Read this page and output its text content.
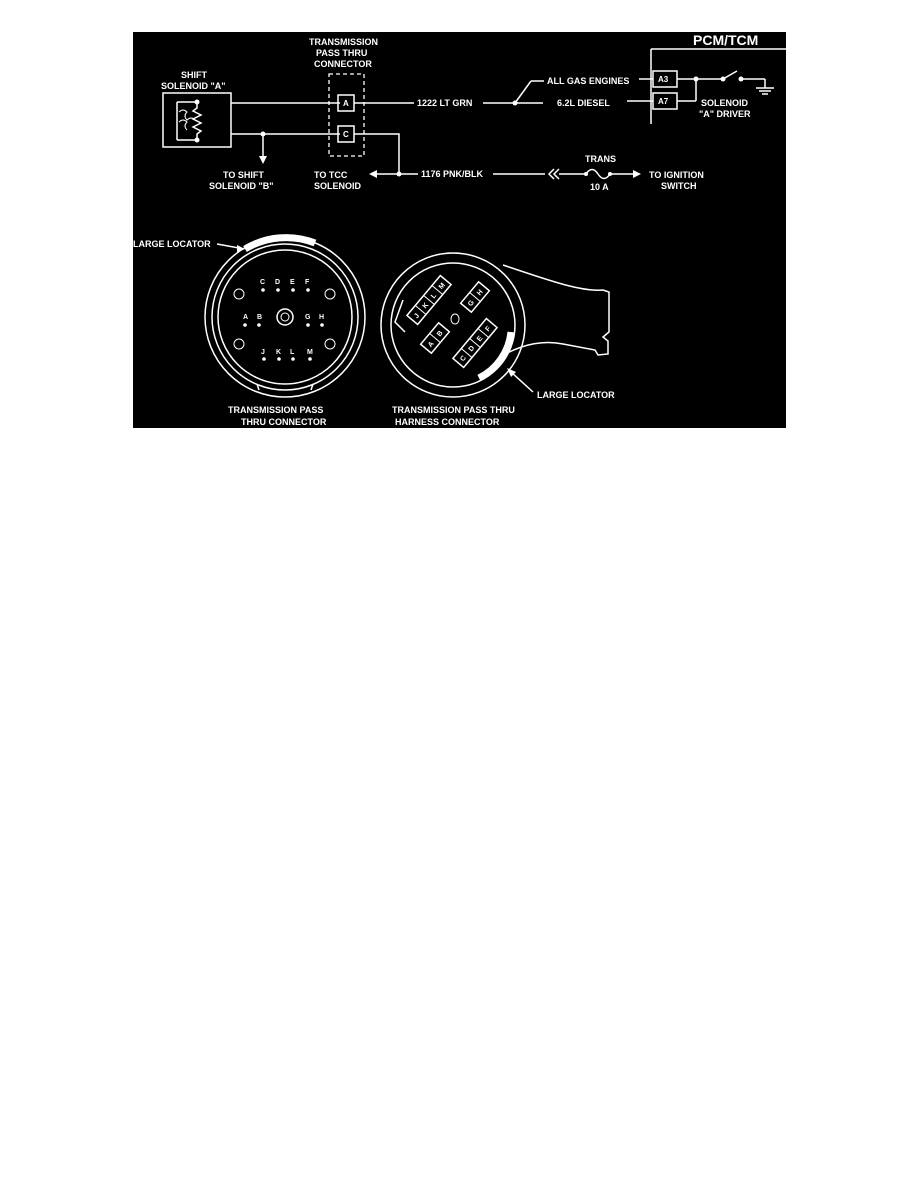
PCM/TCM
A3
A7	SOLENOID
"A" DRIVER
SHIFT
SOLENOID "A"
TO SHIFT
SOLENOID "B"
TRANSMISSION
PASS THRU
CONNECTOR
A
C
1222 LT GRN
ALL GAS ENGINES
6.2L DIESEL
TO TCC
SOLENOID
1176 PNK/BLK
TRANS
10 A
TO IGNITION
SWITCH
LARGE LOCATOR
C D E F
A B	G H
J K L M
TRANSMISSION PASS
THRU CONNECTOR
J
K
L
M
G
H
A
B
C
D
E
F
LARGE LOCATOR
TRANSMISSION PASS THRU
HARNESS CONNECTOR
